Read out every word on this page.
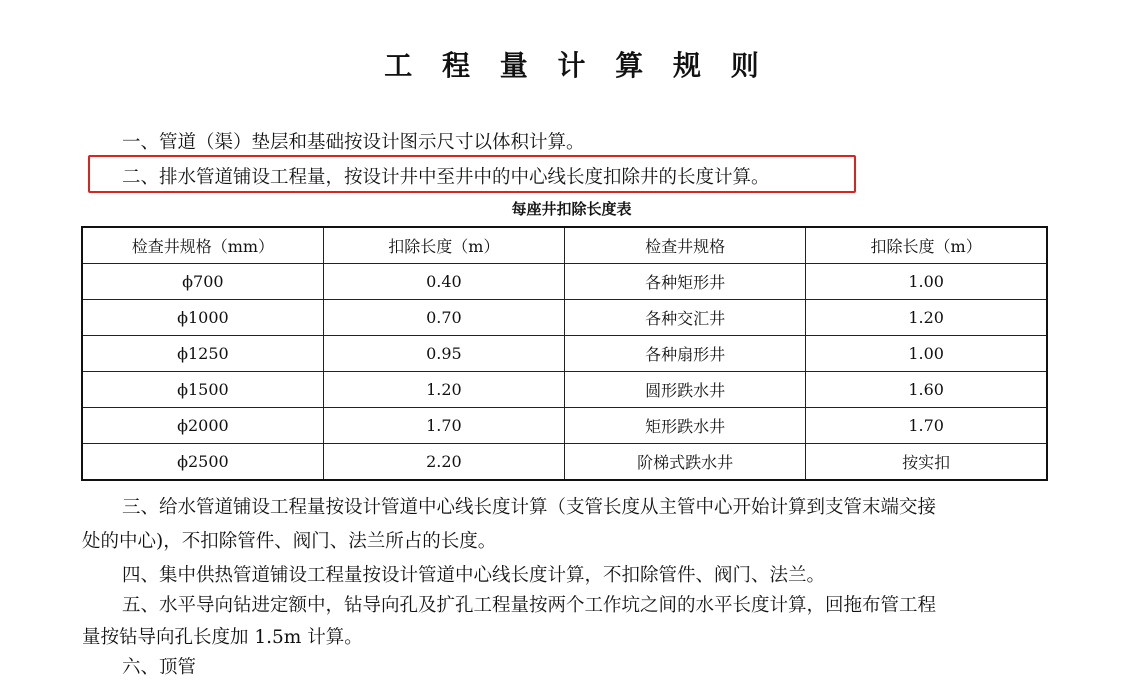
工 程 量 计 算 规 则
一、管道（渠）垫层和基础按设计图示尺寸以体积计算。
二、排水管道铺设工程量，按设计井中至井中的中心线长度扣除井的长度计算。
每座井扣除长度表
检查井规格（mm）	扣除长度（m）	检查井规格	扣除长度（m）
ϕ700	0.40	各种矩形井	1.00
ϕ1000	0.70	各种交汇井	1.20
ϕ1250	0.95	各种扇形井	1.00
ϕ1500	1.20	圆形跌水井	1.60
ϕ2000	1.70	矩形跌水井	1.70
ϕ2500	2.20	阶梯式跌水井	按实扣
三、给水管道铺设工程量按设计管道中心线长度计算（支管长度从主管中心开始计算到支管末端交接
处的中心)，不扣除管件、阀门、法兰所占的长度。
四、集中供热管道铺设工程量按设计管道中心线长度计算，不扣除管件、阀门、法兰。
五、水平导向钻进定额中，钻导向孔及扩孔工程量按两个工作坑之间的水平长度计算，回拖布管工程
量按钻导向孔长度加 1.5m 计算。
六、顶管
